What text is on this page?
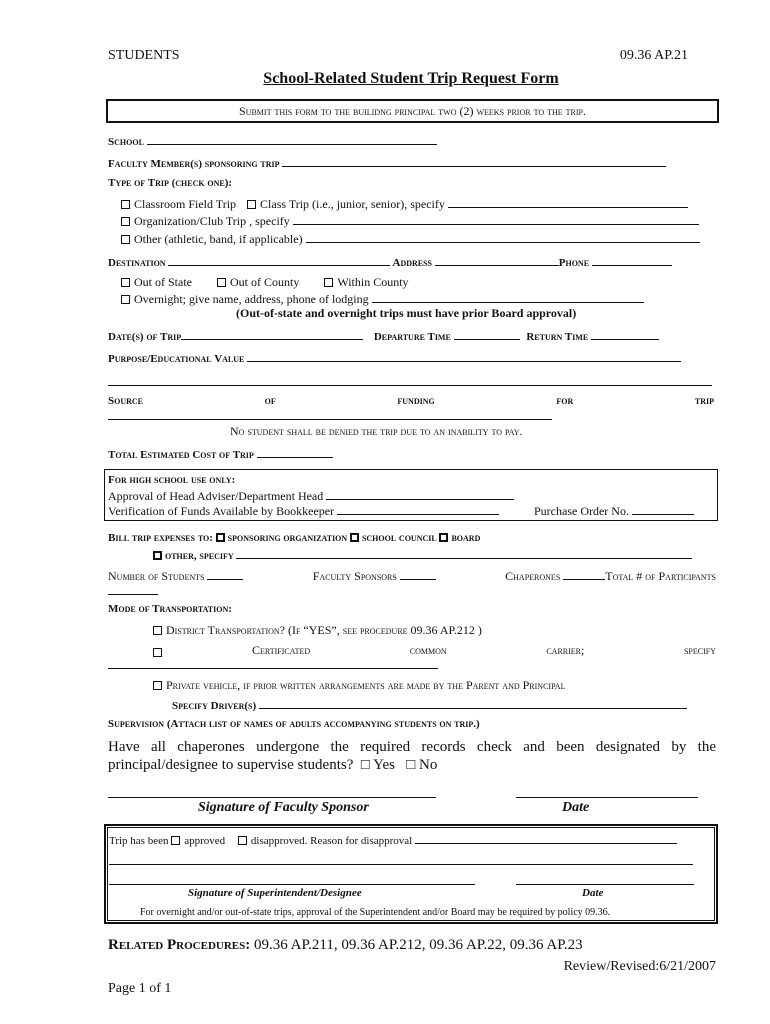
STUDENTS	09.36 AP.21
School-Related Student Trip Request Form
Submit this form to the builidng principal two (2) weeks prior to the trip.
School
Faculty Member(s) sponsoring trip
Type of Trip (check one):
Classroom Field Trip Class Trip (i.e., junior, senior), specify
Organization/Club Trip , specify
Other (athletic, band, if applicable)
Destination	Address	Phone
Out of State	Out of County	Within County
Overnight; give name, address, phone of lodging
(Out-of-state and overnight trips must have prior Board approval)
Date(s) of Trip	Departure Time	Return Time
Purpose/Educational Value
Source	of	funding	for	trip
No student shall be denied the trip due to an inability to pay.
Total Estimated Cost of Trip
For high school use only:
Approval of Head Adviser/Department Head
Verification of Funds Available by Bookkeeper	Purchase Order No.
Bill trip expenses to: sponsoring organization school council board
other, specify
Number of Students	Faculty Sponsors	Chaperones	Total # of Participants
Mode of Transportation:
District Transportation? (If “YES”, see procedure 09.36 AP.212 )
Certificated	common	carrier;	specify
Private vehicle, if prior written arrangements are made by the Parent and Principal
Specify Driver(s)
Supervision (Attach list of names of adults accompanying students on trip.)
Have all chaperones undergone the required records check and been designated by the principal/designee to supervise students? □ Yes □ No
Signature of Faculty Sponsor	Date
Trip has been approved disapproved. Reason for disapproval
Signature of Superintendent/Designee	Date
For overnight and/or out-of-state trips, approval of the Superintendent and/or Board may be required by policy 09.36.
Related Procedures: 09.36 AP.211, 09.36 AP.212, 09.36 AP.22, 09.36 AP.23
Review/Revised:6/21/2007
Page 1 of 1
